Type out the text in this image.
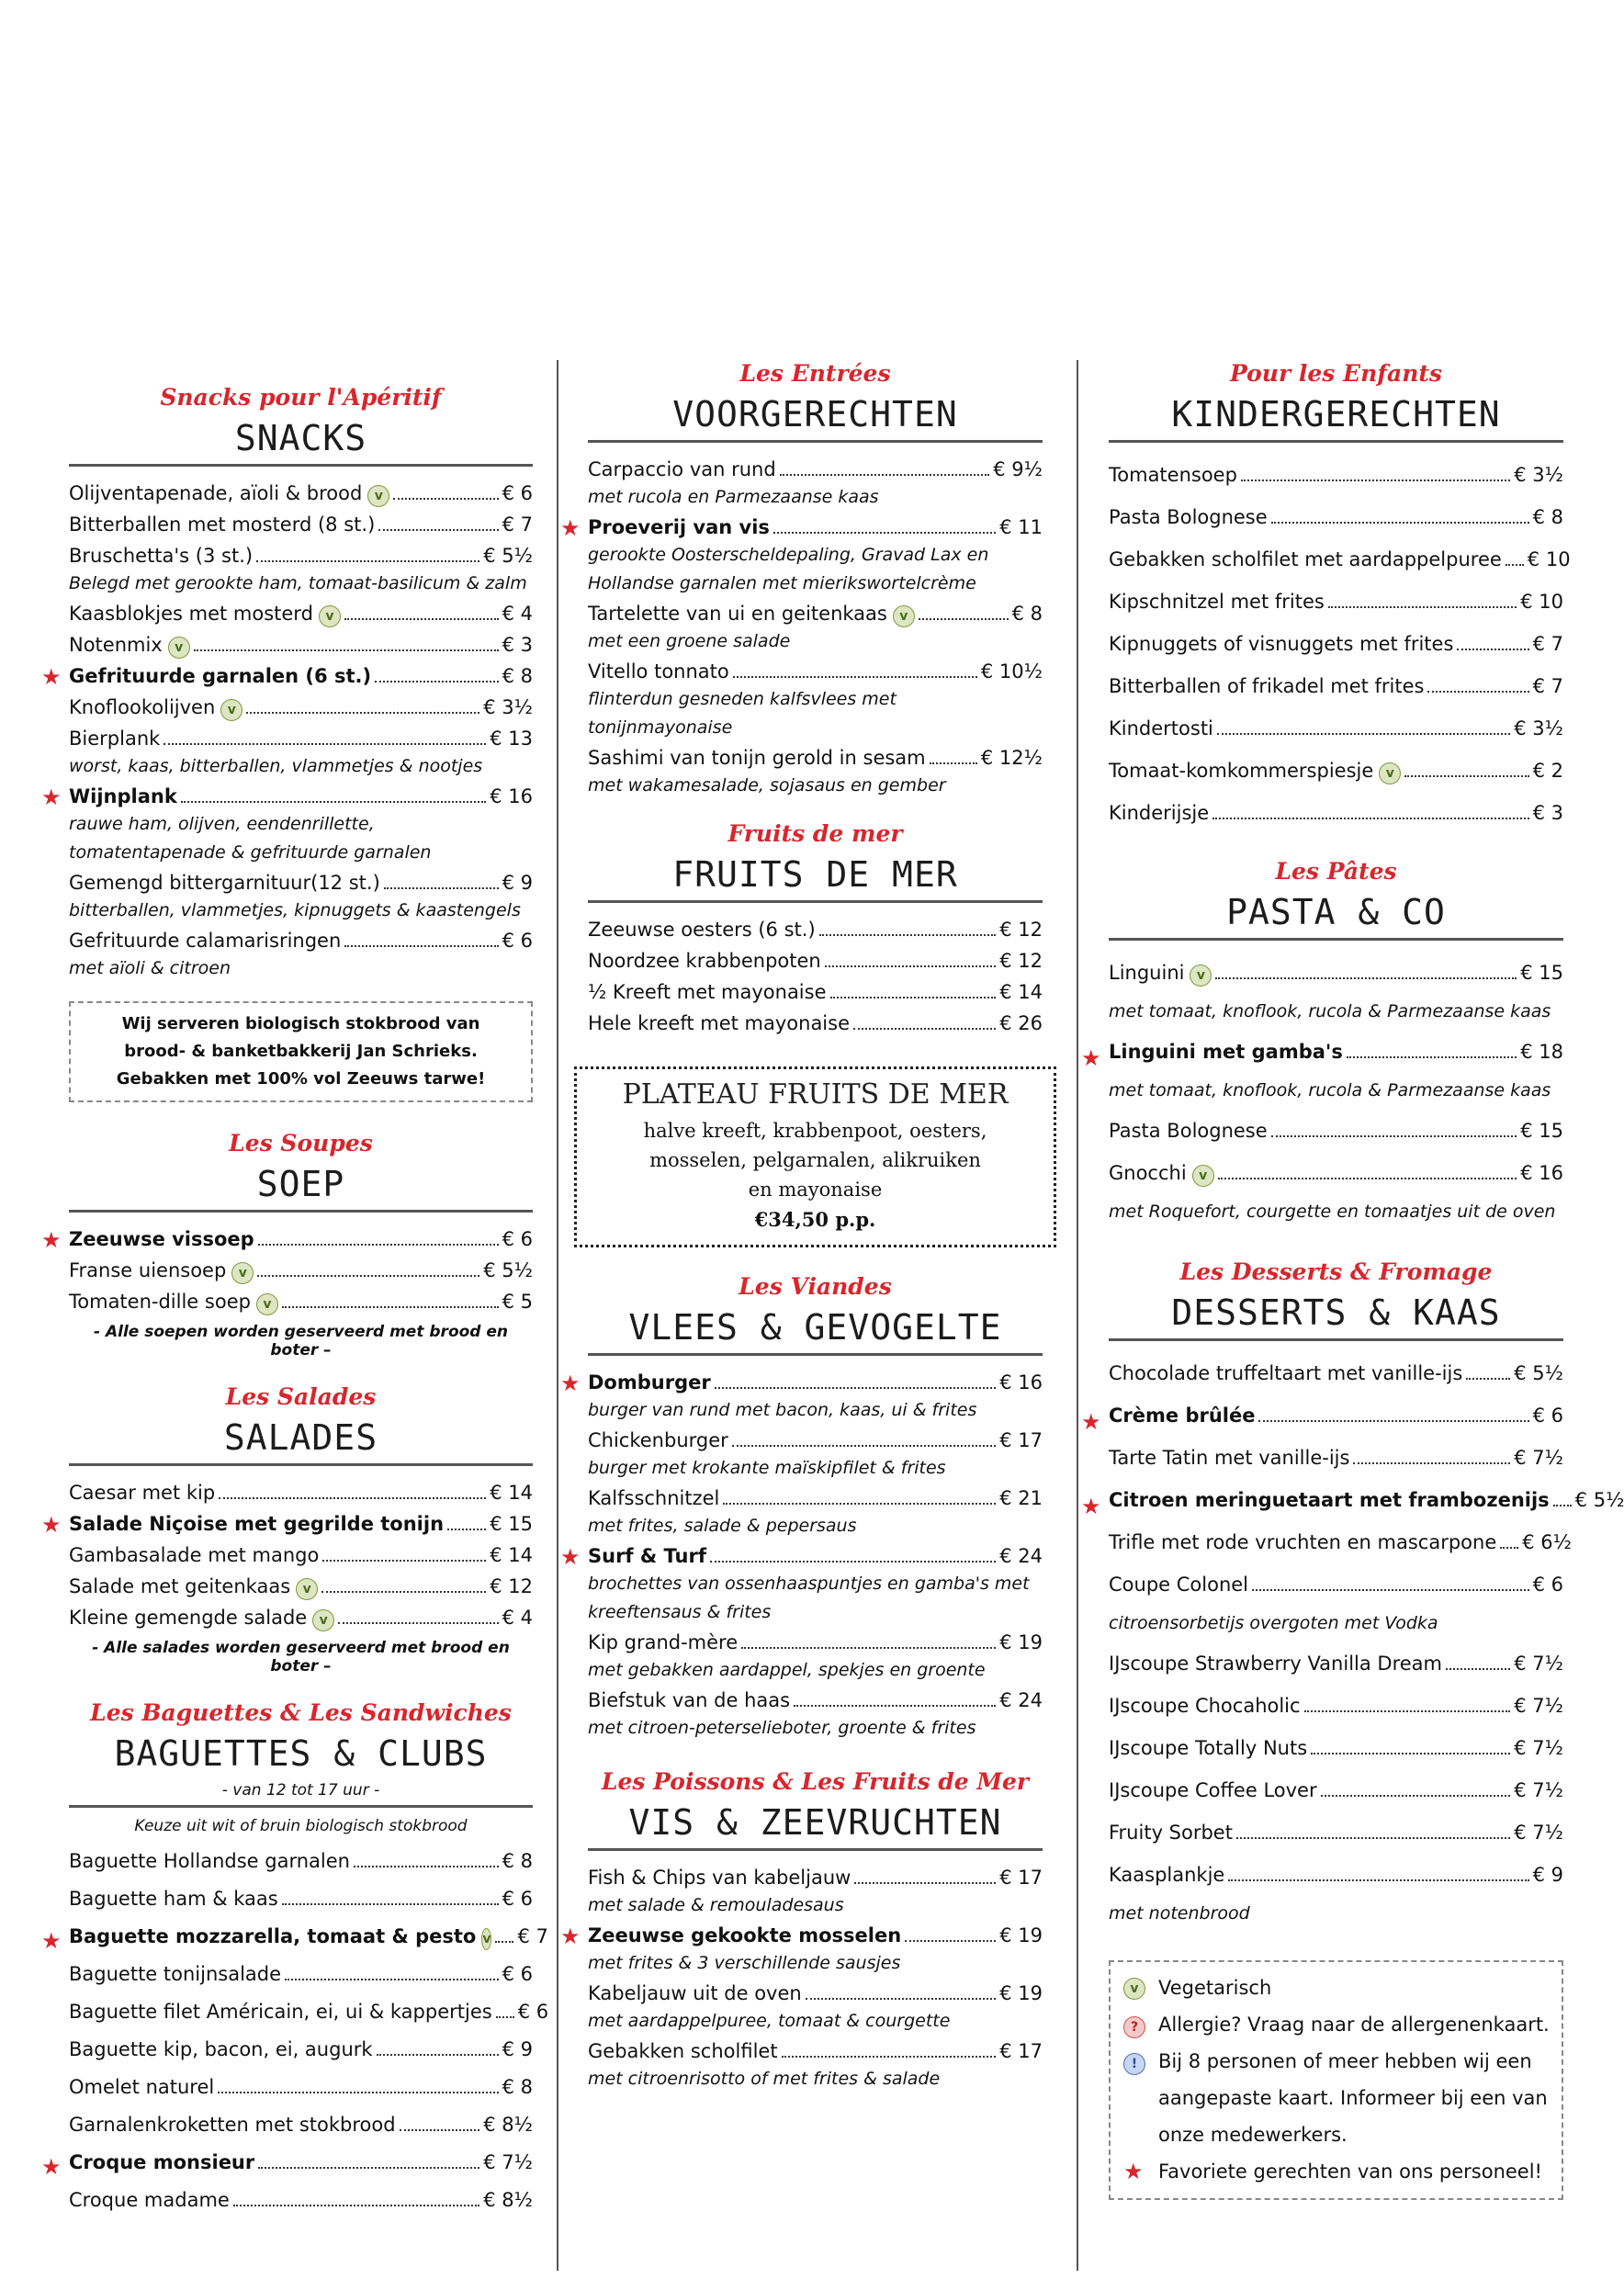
Snacks pour l'Apéritif
SNACKS
Olijventapenade, aïoli & brood v	€ 6
Bitterballen met mosterd (8 st.)	€ 7
Bruschetta's (3 st.)	€ 5½
Belegd met gerookte ham, tomaat-basilicum & zalm
Kaasblokjes met mosterd v	€ 4
Notenmix v	€ 3
★ Gefrituurde garnalen (6 st.)	€ 8
Knoflookolijven v	€ 3½
Bierplank	€ 13
worst, kaas, bitterballen, vlammetjes & nootjes
★ Wijnplank	€ 16
rauwe ham, olijven, eendenrillette, tomatentapenade & gefrituurde garnalen
Gemengd bittergarnituur(12 st.)	€ 9
bitterballen, vlammetjes, kipnuggets & kaastengels
Gefrituurde calamarisringen	€ 6
met aïoli & citroen
Wij serveren biologisch stokbrood van
brood- & banketbakkerij Jan Schrieks.
Gebakken met 100% vol Zeeuws tarwe!
Les Soupes
SOEP
★ Zeeuwse vissoep	€ 6
Franse uiensoep v	€ 5½
Tomaten-dille soep v	€ 5
- Alle soepen worden geserveerd met brood en boter –
Les Salades
SALADES
Caesar met kip	€ 14
★ Salade Niçoise met gegrilde tonijn € 15
Gambasalade met mango	€ 14
Salade met geitenkaas v	€ 12
Kleine gemengde salade v	€ 4
- Alle salades worden geserveerd met brood en boter –
Les Baguettes & Les Sandwiches
BAGUETTES & CLUBS
- van 12 tot 17 uur -
Keuze uit wit of bruin biologisch stokbrood
Baguette Hollandse garnalen	€ 8
Baguette ham & kaas	€ 6
★ Baguette mozzarella, tomaat & pesto v € 7
Baguette tonijnsalade	€ 6
Baguette filet Américain, ei, ui & kappertjes € 6
Baguette kip, bacon, ei, augurk	€ 9
Omelet naturel	€ 8
Garnalenkroketten met stokbrood	€ 8½
★ Croque monsieur	€ 7½
Croque madame	€ 8½
Les Entrées
VOORGERECHTEN
Carpaccio van rund	€ 9½
met rucola en Parmezaanse kaas
★ Proeverij van vis	€ 11
gerookte Oosterscheldepaling, Gravad Lax en Hollandse garnalen met mierikswortelcrème
Tartelette van ui en geitenkaas v	€ 8
met een groene salade
Vitello tonnato	€ 10½
flinterdun gesneden kalfsvlees met tonijnmayonaise
Sashimi van tonijn gerold in sesam	€ 12½
met wakamesalade, sojasaus en gember
Fruits de mer
FRUITS DE MER
Zeeuwse oesters (6 st.)	€ 12
Noordzee krabbenpoten	€ 12
½ Kreeft met mayonaise	€ 14
Hele kreeft met mayonaise	€ 26
PLATEAU FRUITS DE MER
halve kreeft, krabbenpoot, oesters,
mosselen, pelgarnalen, alikruiken
en mayonaise
€34,50 p.p.
Les Viandes
VLEES & GEVOGELTE
★ Domburger	€ 16
burger van rund met bacon, kaas, ui & frites
Chickenburger	€ 17
burger met krokante maïskipfilet & frites
Kalfsschnitzel	€ 21
met frites, salade & pepersaus
★ Surf & Turf	€ 24
brochettes van ossenhaaspuntjes en gamba's met kreeftensaus & frites
Kip grand-mère	€ 19
met gebakken aardappel, spekjes en groente
Biefstuk van de haas	€ 24
met citroen-peterselieboter, groente & frites
Les Poissons & Les Fruits de Mer
VIS & ZEEVRUCHTEN
Fish & Chips van kabeljauw	€ 17
met salade & remouladesaus
★ Zeeuwse gekookte mosselen	€ 19
met frites & 3 verschillende sausjes
Kabeljauw uit de oven	€ 19
met aardappelpuree, tomaat & courgette
Gebakken scholfilet	€ 17
met citroenrisotto of met frites & salade
Pour les Enfants
KINDERGERECHTEN
Tomatensoep	€ 3½
Pasta Bolognese	€ 8
Gebakken scholfilet met aardappelpuree € 10
Kipschnitzel met frites	€ 10
Kipnuggets of visnuggets met frites	€ 7
Bitterballen of frikadel met frites	€ 7
Kindertosti	€ 3½
Tomaat-komkommerspiesje v	€ 2
Kinderijsje	€ 3
Les Pâtes
PASTA & CO
Linguini v	€ 15
met tomaat, knoflook, rucola & Parmezaanse kaas
★ Linguini met gamba's	€ 18
met tomaat, knoflook, rucola & Parmezaanse kaas
Pasta Bolognese	€ 15
Gnocchi v	€ 16
met Roquefort, courgette en tomaatjes uit de oven
Les Desserts & Fromage
DESSERTS & KAAS
Chocolade truffeltaart met vanille-ijs	€ 5½
★ Crème brûlée	€ 6
Tarte Tatin met vanille-ijs	€ 7½
★ Citroen meringuetaart met frambozenijs € 5½
Trifle met rode vruchten en mascarpone € 6½
Coupe Colonel	€ 6
citroensorbetijs overgoten met Vodka
IJscoupe Strawberry Vanilla Dream	€ 7½
IJscoupe Chocaholic	€ 7½
IJscoupe Totally Nuts	€ 7½
IJscoupe Coffee Lover	€ 7½
Fruity Sorbet	€ 7½
Kaasplankje	€ 9
met notenbrood
v	Vegetarisch
?	Allergie? Vraag naar de allergenenkaart.
!	Bij 8 personen of meer hebben wij een aangepaste kaart. Informeer bij een van onze medewerkers.
★ Favoriete gerechten van ons personeel!
